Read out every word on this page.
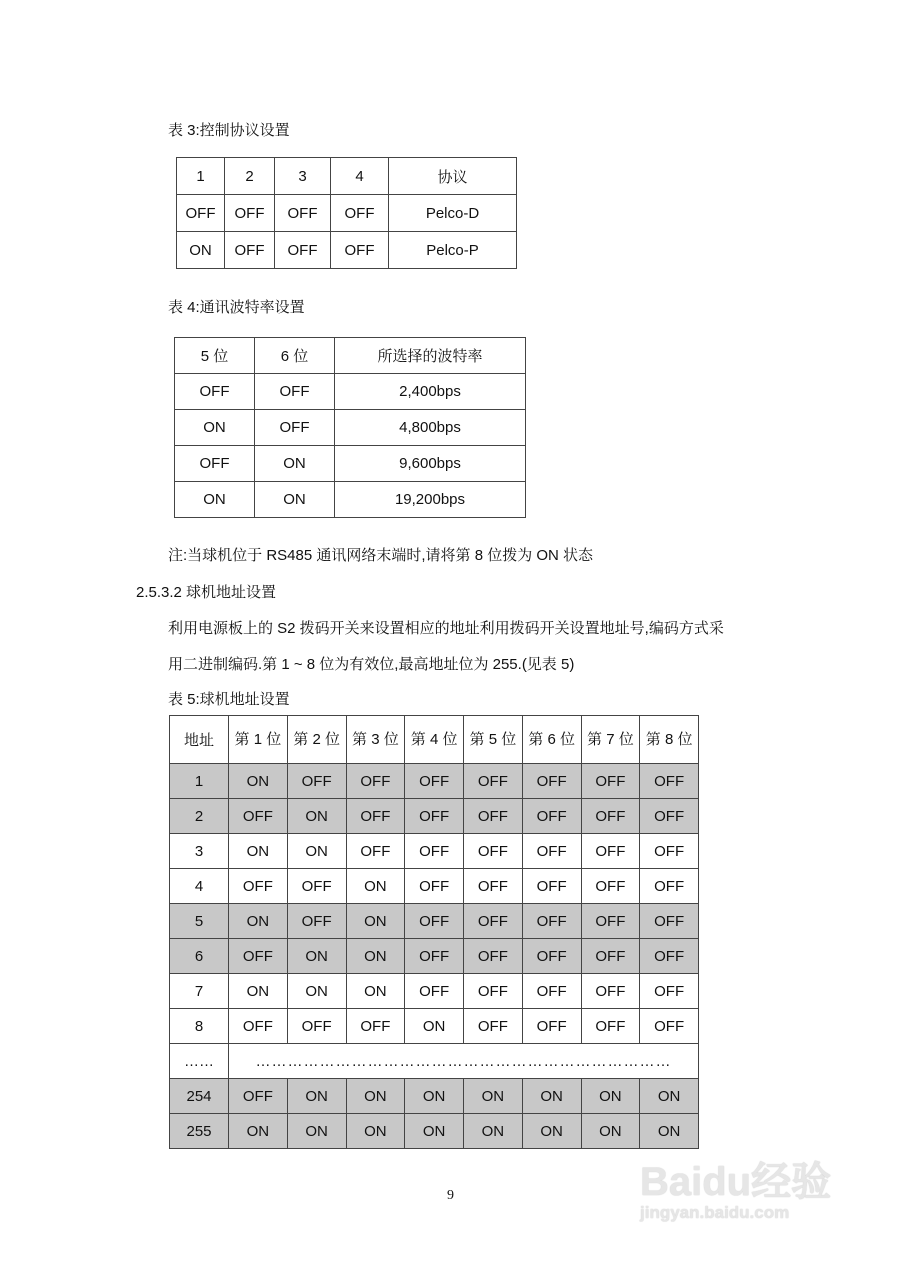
表 3:控制协议设置
1	2	3	4	协议
OFF	OFF	OFF	OFF	Pelco-D
ON	OFF	OFF	OFF	Pelco-P
表 4:通讯波特率设置
5 位	6 位	所选择的波特率
OFF	OFF	2,400bps
ON	OFF	4,800bps
OFF	ON	9,600bps
ON	ON	19,200bps
注:当球机位于 RS485 通讯网络末端时,请将第 8 位拨为 ON 状态
2.5.3.2 球机地址设置
利用电源板上的 S2 拨码开关来设置相应的地址利用拨码开关设置地址号,编码方式采
用二进制编码.第 1 ~ 8 位为有效位,最高地址位为 255.(见表 5)
表 5:球机地址设置
地址	第 1 位	第 2 位	第 3 位	第 4 位	第 5 位	第 6 位	第 7 位	第 8 位
1	ON	OFF	OFF	OFF	OFF	OFF	OFF	OFF
2	OFF	ON	OFF	OFF	OFF	OFF	OFF	OFF
3	ON	ON	OFF	OFF	OFF	OFF	OFF	OFF
4	OFF	OFF	ON	OFF	OFF	OFF	OFF	OFF
5	ON	OFF	ON	OFF	OFF	OFF	OFF	OFF
6	OFF	ON	ON	OFF	OFF	OFF	OFF	OFF
7	ON	ON	ON	OFF	OFF	OFF	OFF	OFF
8	OFF	OFF	OFF	ON	OFF	OFF	OFF	OFF
……	……………………………………………………………………							
254	OFF	ON	ON	ON	ON	ON	ON	ON
255	ON	ON	ON	ON	ON	ON	ON	ON
9	Baidu经验
jingyan.baidu.com
